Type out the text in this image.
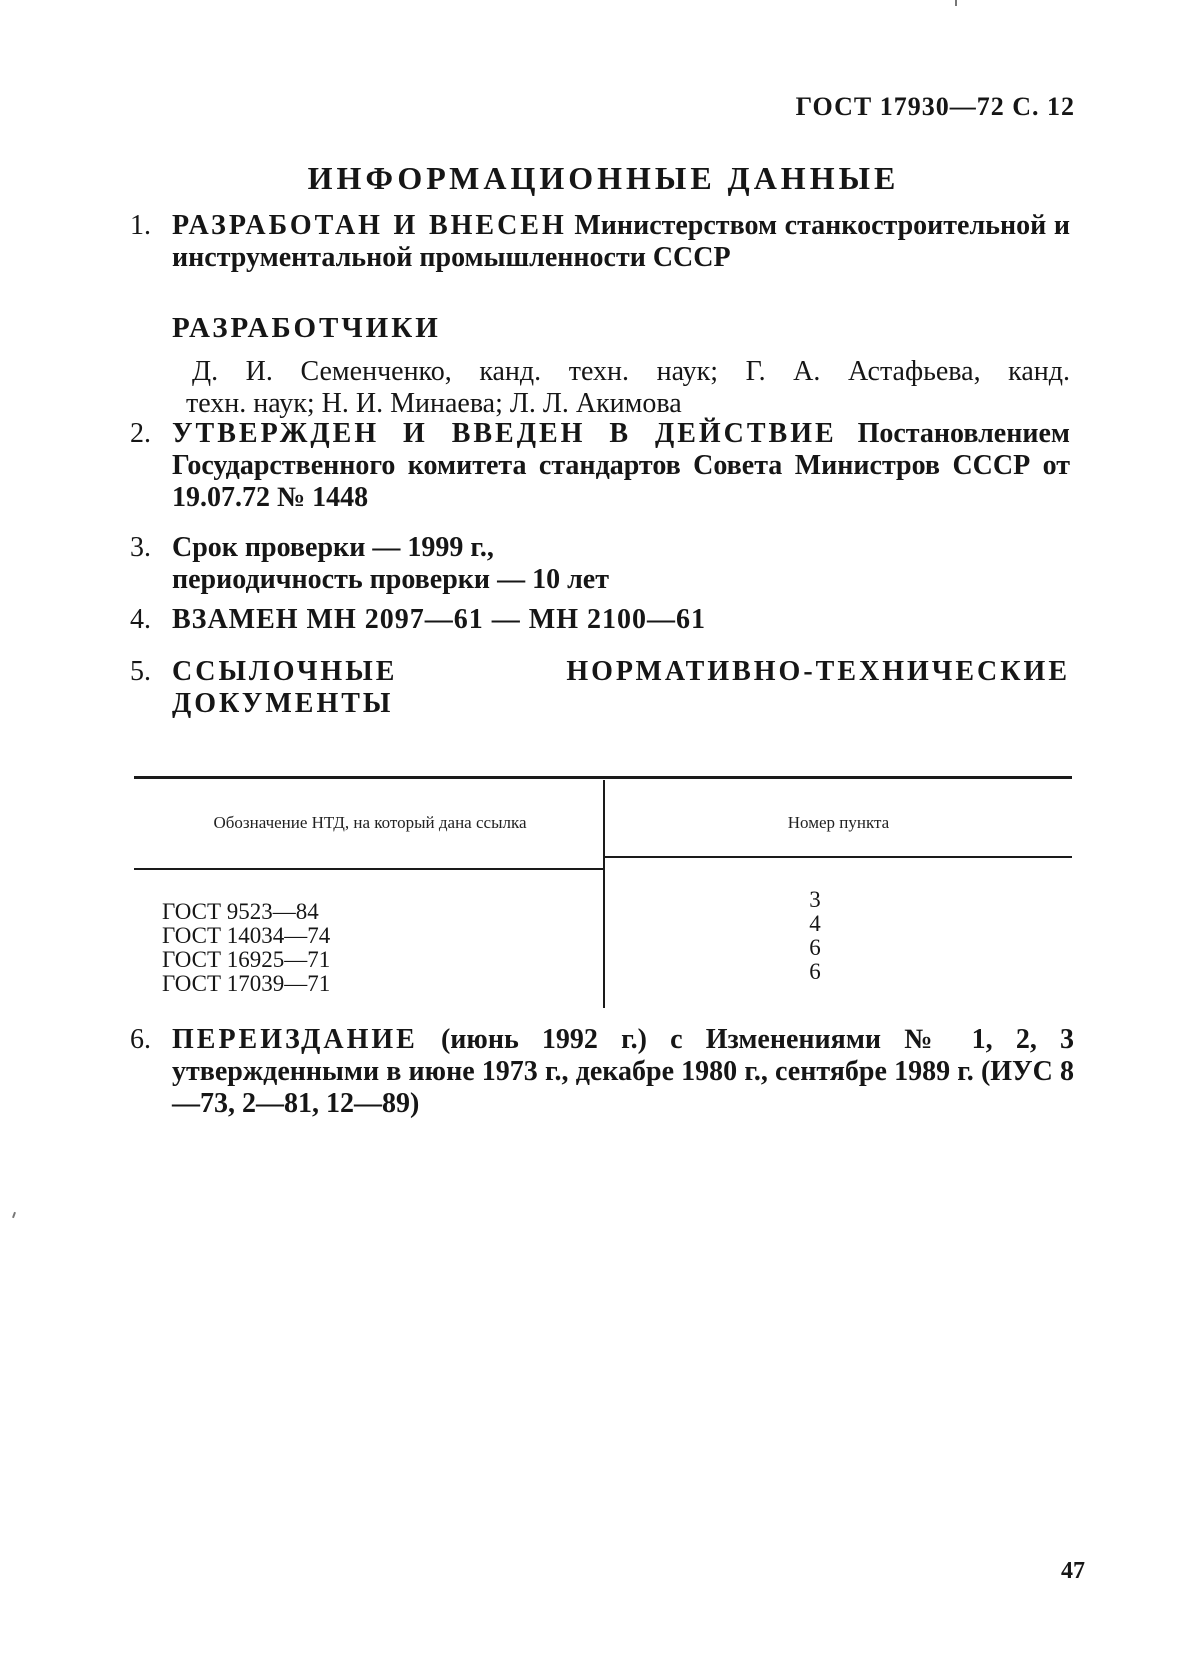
ГОСТ 17930—72 С. 12
ИНФОРМАЦИОННЫЕ ДАННЫЕ
1. РАЗРАБОТАН И ВНЕСЕН Министерством станкостроительной и инструментальной промышленности СССР
РАЗРАБОТЧИКИ
Д. И. Семенченко, канд. техн. наук; Г. А. Астафьева, канд.
техн. наук; Н. И. Минаева; Л. Л. Акимова
2. УТВЕРЖДЕН И ВВЕДЕН В ДЕЙСТВИЕ Постановлением Государственного комитета стандартов Совета Министров СССР от 19.07.72 № 1448
3. Срок проверки — 1999 г.,
периодичность проверки — 10 лет
4. ВЗАМЕН МН 2097—61 — МН 2100—61
5. ССЫЛОЧНЫЕ НОРМАТИВНО-ТЕХНИЧЕСКИЕ ДОКУМЕНТЫ
Обозначение НТД, на который дана ссылка	Номер пункта
ГОСТ 9523—84
ГОСТ 14034—74
ГОСТ 16925—71
ГОСТ 17039—71
3
4
6
6
6. ПЕРЕИЗДАНИЕ (июнь 1992 г.) с Изменениями № 1, 2, 3 утвержденными в июне 1973 г., декабре 1980 г., сентябре 1989 г. (ИУС 8—73, 2—81, 12—89)
47
